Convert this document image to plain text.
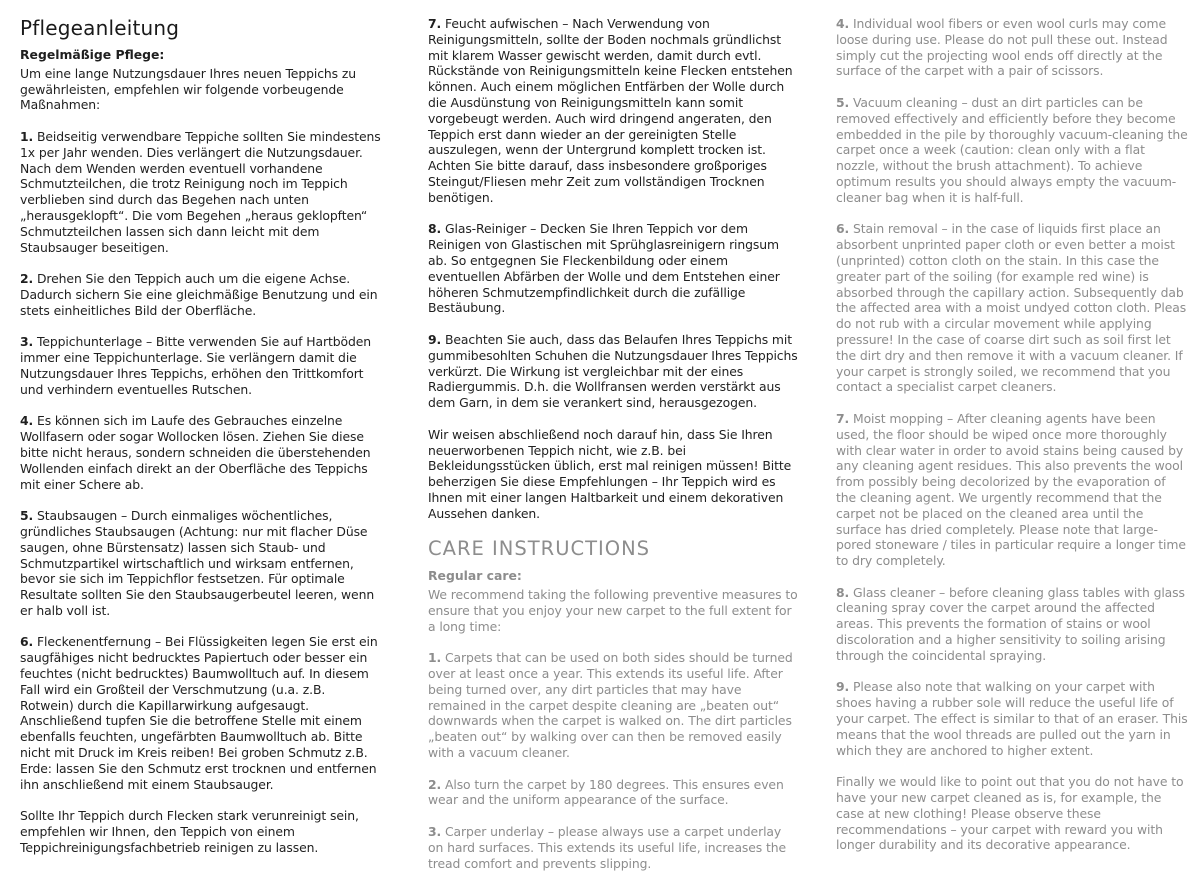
Pflegeanleitung
Regelmäßige Pflege:

Um eine lange Nutzungsdauer Ihres neuen Teppichs zu gewährleisten, empfehlen wir folgende vorbeugende Maßnahmen:

1. Beidseitig verwendbare Teppiche sollten Sie mindestens 1x per Jahr wenden. Dies verlängert die Nutzungsdauer. Nach dem Wenden werden eventuell vorhandene Schmutzteilchen, die trotz Reinigung noch im Teppich verblieben sind durch das Begehen nach unten „herausgeklopft“. Die vom Begehen „heraus geklopften“ Schmutzteilchen lassen sich dann leicht mit dem Staubsauger beseitigen.

2. Drehen Sie den Teppich auch um die eigene Achse. Dadurch sichern Sie eine gleichmäßige Benutzung und ein stets einheitliches Bild der Oberfläche.

3. Teppichunterlage – Bitte verwenden Sie auf Hartböden immer eine Teppichunterlage. Sie verlängern damit die Nutzungsdauer Ihres Teppichs, erhöhen den Trittkomfort und verhindern eventuelles Rutschen.

4. Es können sich im Laufe des Gebrauches einzelne Wollfasern oder sogar Wollocken lösen. Ziehen Sie diese bitte nicht heraus, sondern schneiden die überstehenden Wollenden einfach direkt an der Oberfläche des Teppichs mit einer Schere ab.

5. Staubsaugen – Durch einmaliges wöchentliches, gründliches Staubsaugen (Achtung: nur mit flacher Düse saugen, ohne Bürstensatz) lassen sich Staub- und Schmutzpartikel wirtschaftlich und wirksam entfernen, bevor sie sich im Teppichflor festsetzen. Für optimale Resultate sollten Sie den Staubsaugerbeutel leeren, wenn er halb voll ist.

6. Fleckenentfernung – Bei Flüssigkeiten legen Sie erst ein saugfähiges nicht bedrucktes Papiertuch oder besser ein feuchtes (nicht bedrucktes) Baumwolltuch auf. In diesem Fall wird ein Großteil der Verschmutzung (u.a. z.B. Rotwein) durch die Kapillarwirkung aufgesaugt. Anschließend tupfen Sie die betroffene Stelle mit einem ebenfalls feuchten, ungefärbten Baumwolltuch ab. Bitte nicht mit Druck im Kreis reiben! Bei groben Schmutz z.B. Erde: lassen Sie den Schmutz erst trocknen und entfernen ihn anschließend mit einem Staubsauger.

Sollte Ihr Teppich durch Flecken stark verunreinigt sein, empfehlen wir Ihnen, den Teppich von einem Teppichreinigungsfachbetrieb reinigen zu lassen.

7. Feucht aufwischen – Nach Verwendung von Reinigungsmitteln, sollte der Boden nochmals gründlichst mit klarem Wasser gewischt werden, damit durch evtl. Rückstände von Reinigungsmitteln keine Flecken entstehen können. Auch einem möglichen Entfärben der Wolle durch die Ausdünstung von Reinigungsmitteln kann somit vorgebeugt werden. Auch wird dringend angeraten, den Teppich erst dann wieder an der gereinigten Stelle auszulegen, wenn der Untergrund komplett trocken ist. Achten Sie bitte darauf, dass insbesondere großporiges Steingut/Fliesen mehr Zeit zum vollständigen Trocknen benötigen.

8. Glas-Reiniger – Decken Sie Ihren Teppich vor dem Reinigen von Glastischen mit Sprühglasreinigern ringsum ab. So entgegnen Sie Fleckenbildung oder einem eventuellen Abfärben der Wolle und dem Entstehen einer höheren Schmutzempfindlichkeit durch die zufällige Bestäubung.

9. Beachten Sie auch, dass das Belaufen Ihres Teppichs mit gummibesohlten Schuhen die Nutzungsdauer Ihres Teppichs verkürzt. Die Wirkung ist vergleichbar mit der eines Radiergummis. D.h. die Wollfransen werden verstärkt aus dem Garn, in dem sie verankert sind, herausgezogen.

Wir weisen abschließend noch darauf hin, dass Sie Ihren neuerworbenen Teppich nicht, wie z.B. bei Bekleidungsstücken üblich, erst mal reinigen müssen! Bitte beherzigen Sie diese Empfehlungen – Ihr Teppich wird es Ihnen mit einer langen Haltbarkeit und einem dekorativen Aussehen danken.

CARE INSTRUCTIONS
Regular care:

We recommend taking the following preventive measures to ensure that you enjoy your new carpet to the full extent for a long time:

1. Carpets that can be used on both sides should be turned over at least once a year. This extends its useful life. After being turned over, any dirt particles that may have remained in the carpet despite cleaning are „beaten out“ downwards when the carpet is walked on. The dirt particles „beaten out“ by walking over can then be removed easily with a vacuum cleaner.

2. Also turn the carpet by 180 degrees. This ensures even wear and the uniform appearance of the surface.

3. Carper underlay – please always use a carpet underlay on hard surfaces. This extends its useful life, increases the tread comfort and prevents slipping.

4. Individual wool fibers or even wool curls may come loose during use. Please do not pull these out. Instead simply cut the projecting wool ends off directly at the surface of the carpet with a pair of scissors.

5. Vacuum cleaning – dust an dirt particles can be removed effectively and efficiently before they become embedded in the pile by thoroughly vacuum-cleaning the carpet once a week (caution: clean only with a flat nozzle, without the brush attachment). To achieve optimum results you should always empty the vacuum-cleaner bag when it is half-full.

6. Stain removal – in the case of liquids first place an absorbent unprinted paper cloth or even better a moist (unprinted) cotton cloth on the stain. In this case the greater part of the soiling (for example red wine) is absorbed through the capillary action. Subsequently dab the affected area with a moist undyed cotton cloth. Pleas do not rub with a circular movement while applying pressure! In the case of coarse dirt such as soil first let the dirt dry and then remove it with a vacuum cleaner. If your carpet is strongly soiled, we recommend that you contact a specialist carpet cleaners.

7. Moist mopping – After cleaning agents have been used, the floor should be wiped once more thoroughly with clear water in order to avoid stains being caused by any cleaning agent residues. This also prevents the wool from possibly being decolorized by the evaporation of the cleaning agent. We urgently recommend that the carpet not be placed on the cleaned area until the surface has dried completely. Please note that large-pored stoneware / tiles in particular require a longer time to dry completely.

8. Glass cleaner – before cleaning glass tables with glass cleaning spray cover the carpet around the affected areas. This prevents the formation of stains or wool discoloration and a higher sensitivity to soiling arising through the coincidental spraying.

9. Please also note that walking on your carpet with shoes having a rubber sole will reduce the useful life of your carpet. The effect is similar to that of an eraser. This means that the wool threads are pulled out the yarn in which they are anchored to higher extent.

Finally we would like to point out that you do not have to have your new carpet cleaned as is, for example, the case at new clothing! Please observe these recommendations – your carpet with reward you with longer durability and its decorative appearance.
